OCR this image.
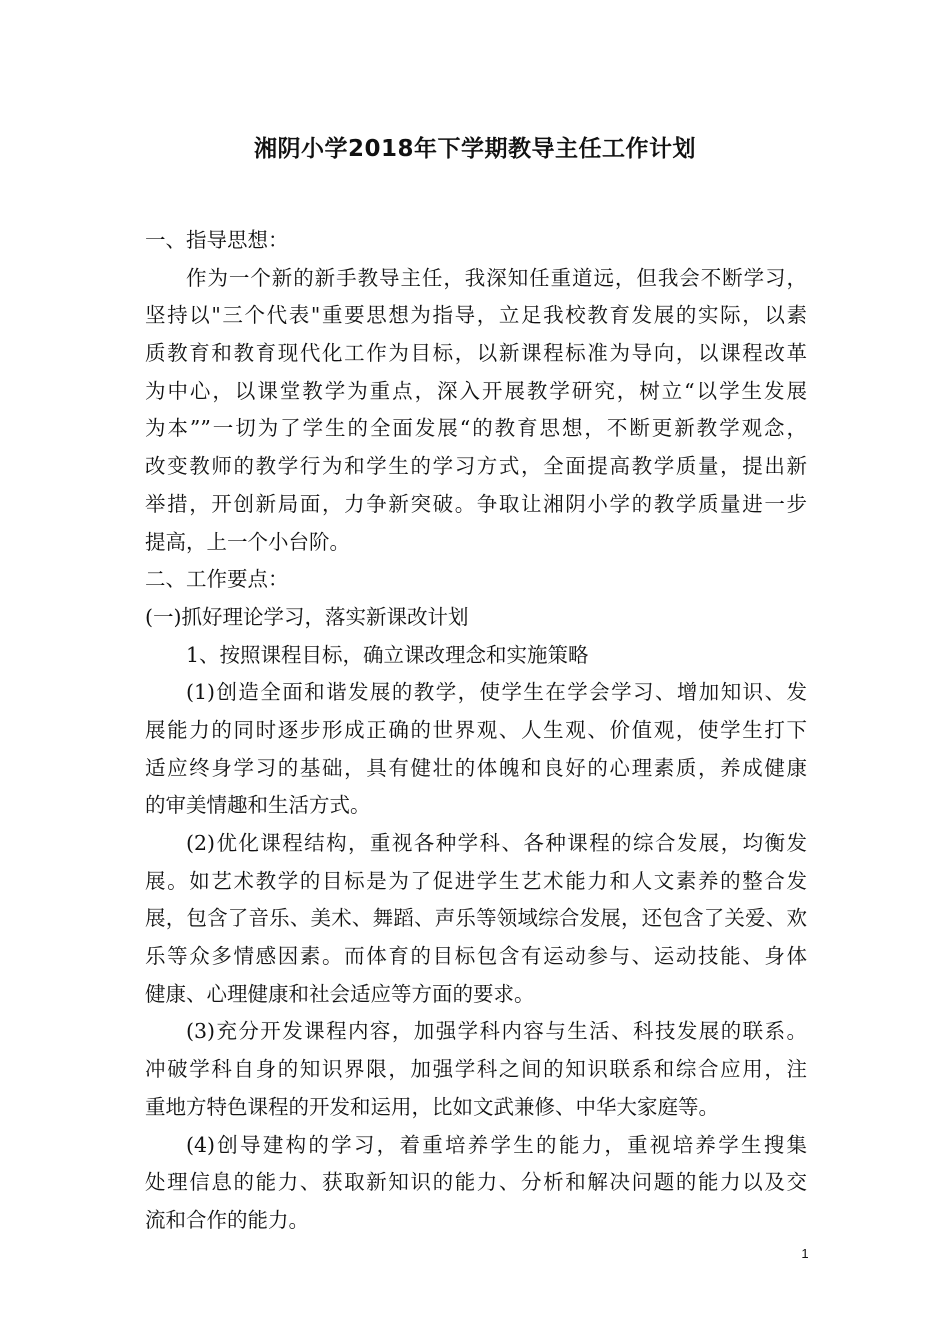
湘阴小学2018年下学期教导主任工作计划
一、指导思想：
作为一个新的新手教导主任，我深知任重道远，但我会不断学习，
坚持以"三个代表"重要思想为指导，立足我校教育发展的实际，以素
质教育和教育现代化工作为目标，以新课程标准为导向，以课程改革
为中心，以课堂教学为重点，深入开展教学研究，树立“以学生发展
为本””一切为了学生的全面发展“的教育思想，不断更新教学观念，
改变教师的教学行为和学生的学习方式，全面提高教学质量，提出新
举措，开创新局面，力争新突破。争取让湘阴小学的教学质量进一步
提高，上一个小台阶。
二、工作要点：
(一)抓好理论学习，落实新课改计划
1、按照课程目标，确立课改理念和实施策略
(1)创造全面和谐发展的教学，使学生在学会学习、增加知识、发
展能力的同时逐步形成正确的世界观、人生观、价值观，使学生打下
适应终身学习的基础，具有健壮的体魄和良好的心理素质，养成健康
的审美情趣和生活方式。
(2)优化课程结构，重视各种学科、各种课程的综合发展，均衡发
展。如艺术教学的目标是为了促进学生艺术能力和人文素养的整合发
展，包含了音乐、美术、舞蹈、声乐等领域综合发展，还包含了关爱、欢
乐等众多情感因素。而体育的目标包含有运动参与、运动技能、身体
健康、心理健康和社会适应等方面的要求。
(3)充分开发课程内容，加强学科内容与生活、科技发展的联系。
冲破学科自身的知识界限，加强学科之间的知识联系和综合应用，注
重地方特色课程的开发和运用，比如文武兼修、中华大家庭等。
(4)创导建构的学习，着重培养学生的能力，重视培养学生搜集
处理信息的能力、获取新知识的能力、分析和解决问题的能力以及交
流和合作的能力。
1
